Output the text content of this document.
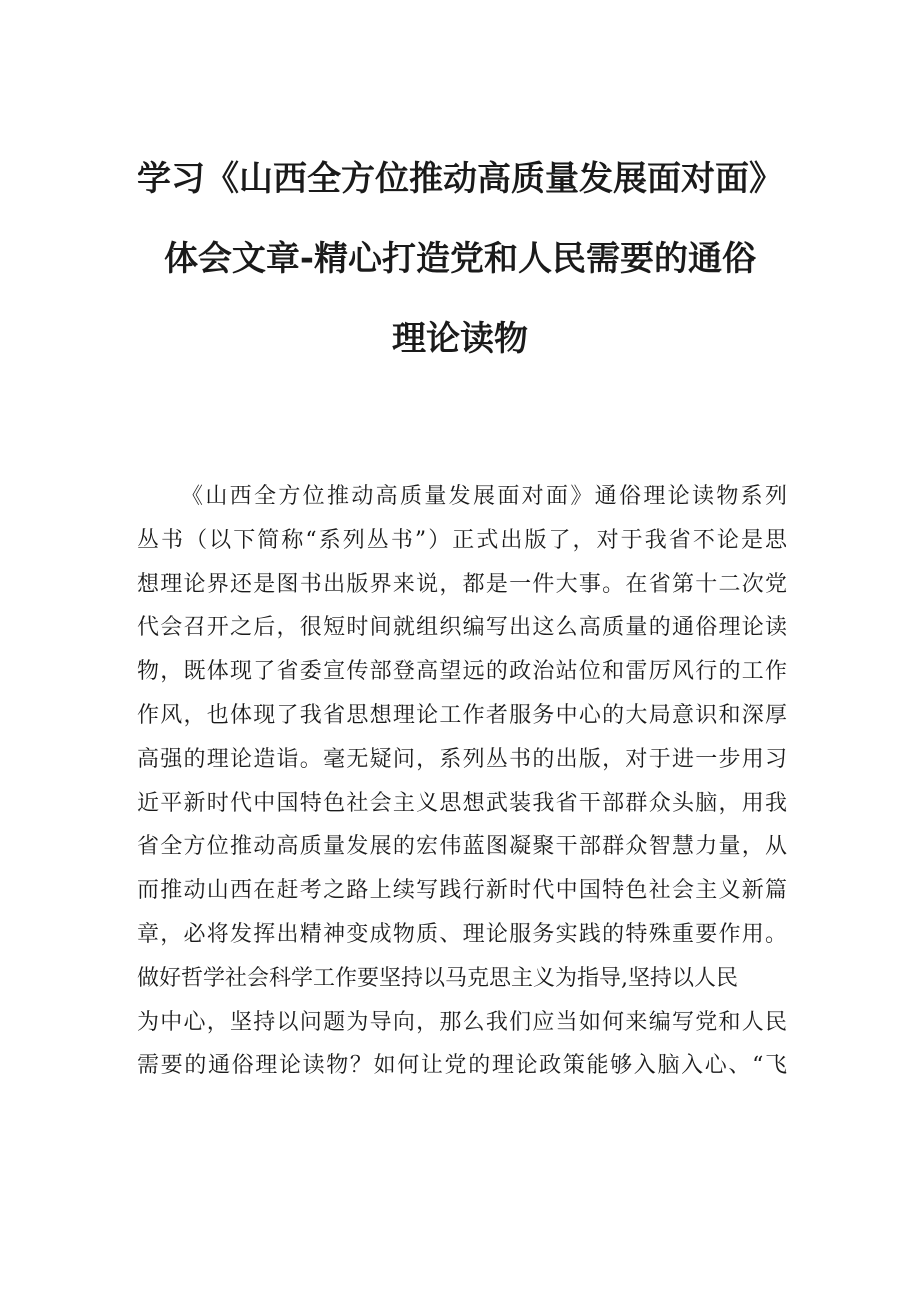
学习《山西全方位推动高质量发展面对面》
体会文章-精心打造党和人民需要的通俗
理论读物
《山西全方位推动高质量发展面对面》通俗理论读物系列
丛书（以下简称“系列丛书”）正式出版了，对于我省不论是思
想理论界还是图书出版界来说，都是一件大事。在省第十二次党
代会召开之后，很短时间就组织编写出这么高质量的通俗理论读
物，既体现了省委宣传部登高望远的政治站位和雷厉风行的工作
作风，也体现了我省思想理论工作者服务中心的大局意识和深厚
高强的理论造诣。毫无疑问，系列丛书的出版，对于进一步用习
近平新时代中国特色社会主义思想武装我省干部群众头脑，用我
省全方位推动高质量发展的宏伟蓝图凝聚干部群众智慧力量，从
而推动山西在赶考之路上续写践行新时代中国特色社会主义新篇
章，必将发挥出精神变成物质、理论服务实践的特殊重要作用。
做好哲学社会科学工作要坚持以马克思主义为指导,坚持以人民
为中心，坚持以问题为导向，那么我们应当如何来编写党和人民
需要的通俗理论读物？如何让党的理论政策能够入脑入心、“飞
